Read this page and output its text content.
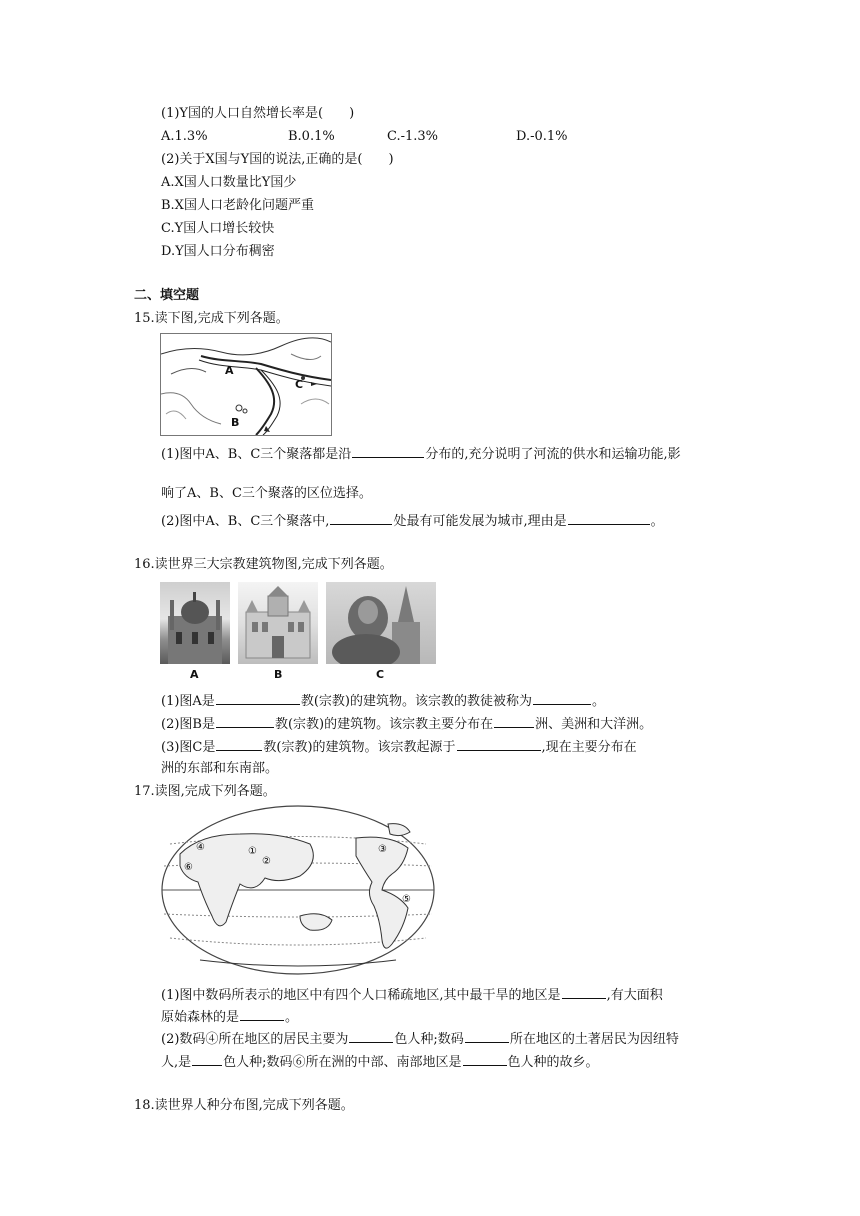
(1)Y国的人口自然增长率是(　　)
A.1.3%	B.0.1%	C.-1.3%	D.-0.1%
(2)关于X国与Y国的说法,正确的是(　　)
A.X国人口数量比Y国少
B.X国人口老龄化问题严重
C.Y国人口增长较快
D.Y国人口分布稠密
二、填空题
15.读下图,完成下列各题。
A
B
C
(1)图中A、B、C三个聚落都是沿	分布的,充分说明了河流的供水和运输功能,影
响了A、B、C三个聚落的区位选择。
(2)图中A、B、C三个聚落中,	处最有可能发展为城市,理由是	。
16.读世界三大宗教建筑物图,完成下列各题。
A	B	C
(1)图A是	教(宗教)的建筑物。该宗教的教徒被称为	。
(2)图B是	教(宗教)的建筑物。该宗教主要分布在	洲、美洲和大洋洲。
(3)图C是	教(宗教)的建筑物。该宗教起源于	,现在主要分布在
洲的东部和东南部。
17.读图,完成下列各题。
①
②
③
④
⑤
⑥
(1)图中数码所表示的地区中有四个人口稀疏地区,其中最干旱的地区是	,有大面积
原始森林的是	。
(2)数码④所在地区的居民主要为	色人种;数码	所在地区的土著居民为因纽特
人,是 色人种;数码⑥所在洲的中部、南部地区是	色人种的故乡。
18.读世界人种分布图,完成下列各题。
